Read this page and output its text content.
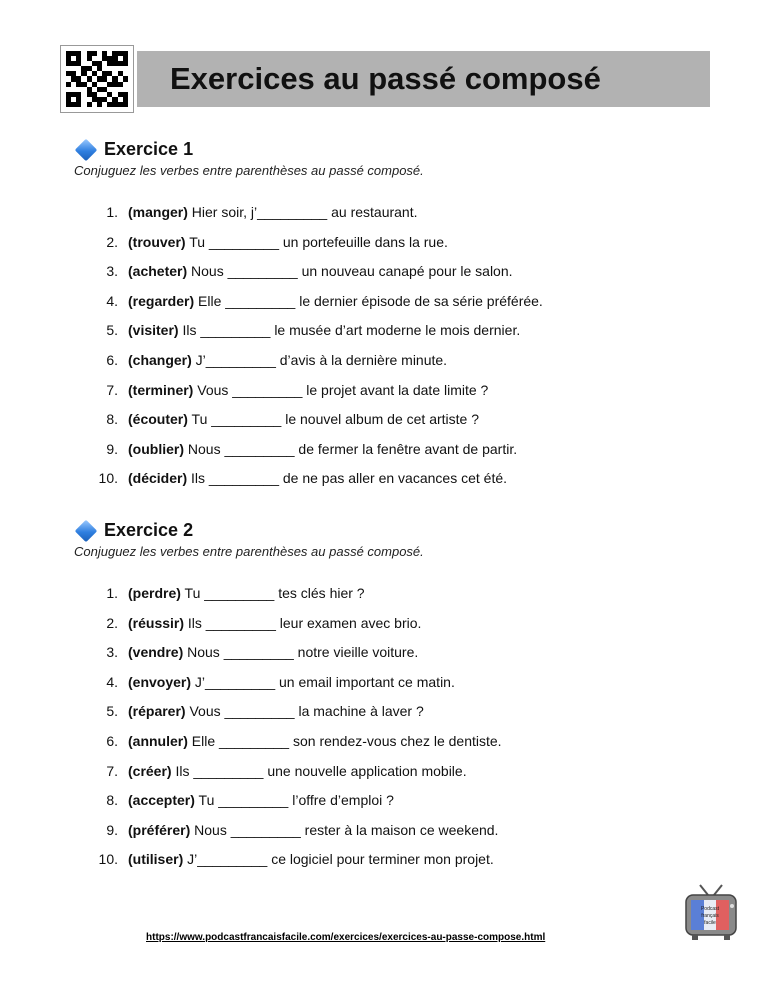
Exercices au passé composé
Exercice 1
Conjuguez les verbes entre parenthèses au passé composé.
1. (manger) Hier soir, j’_________ au restaurant.
2. (trouver) Tu _________ un portefeuille dans la rue.
3. (acheter) Nous _________ un nouveau canapé pour le salon.
4. (regarder) Elle _________ le dernier épisode de sa série préférée.
5. (visiter) Ils _________ le musée d’art moderne le mois dernier.
6. (changer) J’_________ d’avis à la dernière minute.
7. (terminer) Vous _________ le projet avant la date limite ?
8. (écouter) Tu _________ le nouvel album de cet artiste ?
9. (oublier) Nous _________ de fermer la fenêtre avant de partir.
10. (décider) Ils _________ de ne pas aller en vacances cet été.
Exercice 2
Conjuguez les verbes entre parenthèses au passé composé.
1. (perdre) Tu _________ tes clés hier ?
2. (réussir) Ils _________ leur examen avec brio.
3. (vendre) Nous _________ notre vieille voiture.
4. (envoyer) J’_________ un email important ce matin.
5. (réparer) Vous _________ la machine à laver ?
6. (annuler) Elle _________ son rendez-vous chez le dentiste.
7. (créer) Ils _________ une nouvelle application mobile.
8. (accepter) Tu _________ l’offre d’emploi ?
9. (préférer) Nous _________ rester à la maison ce weekend.
10. (utiliser) J’_________ ce logiciel pour terminer mon projet.
https://www.podcastfrancaisfacile.com/exercices/exercices-au-passe-compose.html
Podcast
français
facile
